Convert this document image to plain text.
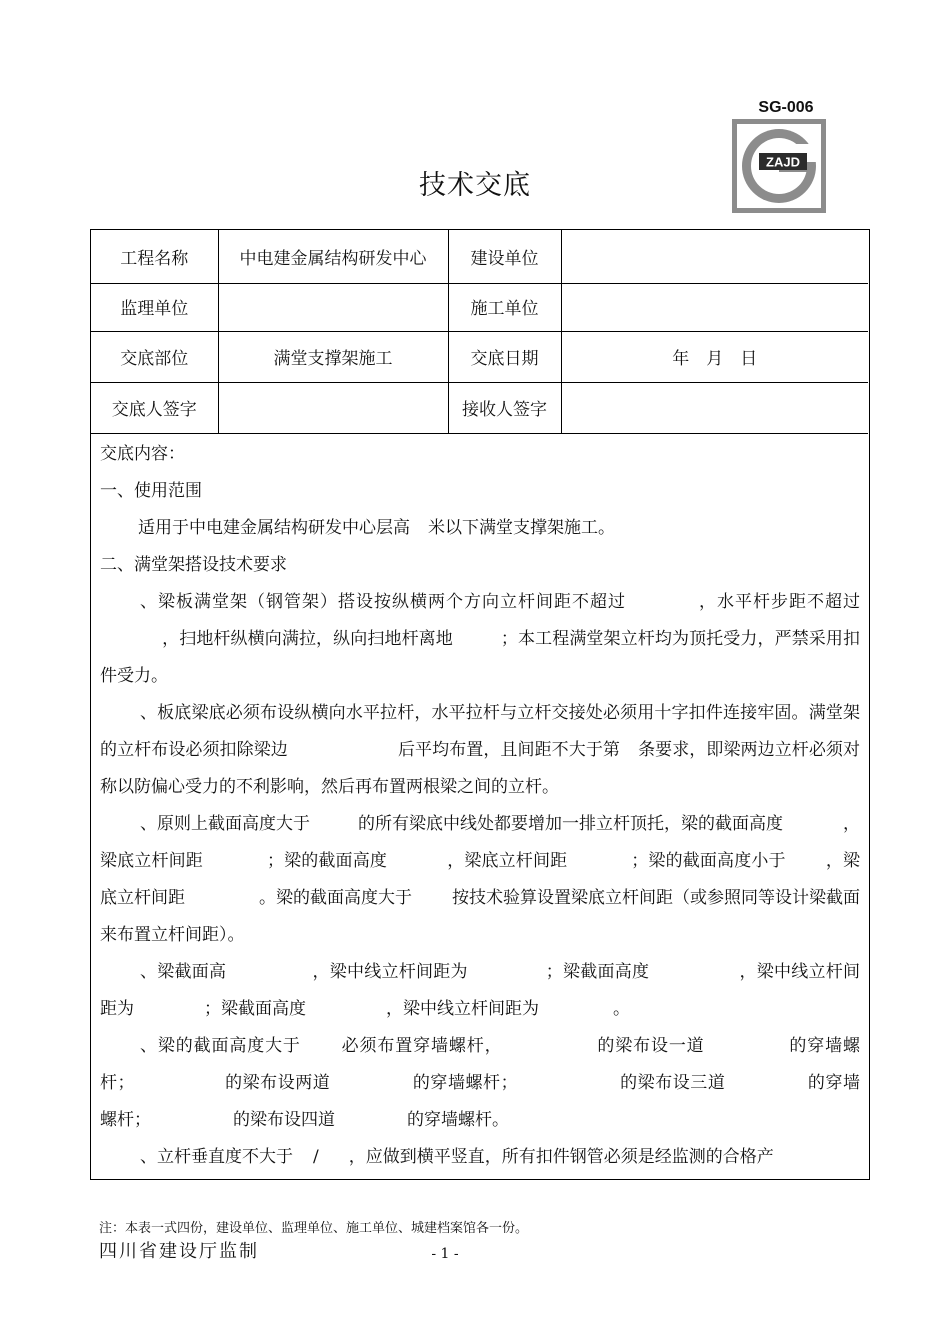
SG-006
ZAJD
技术交底
工程名称	中电建金属结构研发中心	建设单位	
监理单位		施工单位	
交底部位	满堂支撑架施工	交底日期	年　月　日
交底人签字		接收人签字	

交底内容：

一、使用范围

适用于中电建金属结构研发中心层高 米以下满堂支撑架施工。

二、满堂架搭设技术要求

、梁板满堂架（钢管架）搭设按纵横两个方向立杆间距不超过	，水平杆步距不超过，扫地杆纵横向满拉，纵向扫地杆离地	；本工程满堂架立杆均为顶托受力，严禁采用扣件受力。

、板底梁底必须布设纵横向水平拉杆，水平拉杆与立杆交接处必须用十字扣件连接牢固。满堂架的立杆布设必须扣除梁边	后平均布置，且间距不大于第 条要求，即梁两边立杆必须对称以防偏心受力的不利影响，然后再布置两根梁之间的立杆。

、原则上截面高度大于	的所有梁底中线处都要增加一排立杆顶托，梁的截面高度	，梁底立杆间距	；梁的截面高度	，梁底立杆间距	；梁的截面高度小于 ，梁底立杆间距	。梁的截面高度大于 按技术验算设置梁底立杆间距（或参照同等设计梁截面来布置立杆间距）。

、梁截面高	，梁中线立杆间距为	；梁截面高度	，梁中线立杆间距为	；梁截面高度	，梁中线立杆间距为	。

、梁的截面高度大于 必须布置穿墙螺杆，	的梁布设一道	的穿墙螺杆；	的梁布设两道	的穿墙螺杆；	的梁布设三道	的穿墙螺杆；	的梁布设四道	的穿墙螺杆。

、立杆垂直度不大于 / ，应做到横平竖直，所有扣件钢管必须是经监测的合格产

注：本表一式四份，建设单位、监理单位、施工单位、城建档案馆各一份。
四川省建设厅监制	- 1 -
